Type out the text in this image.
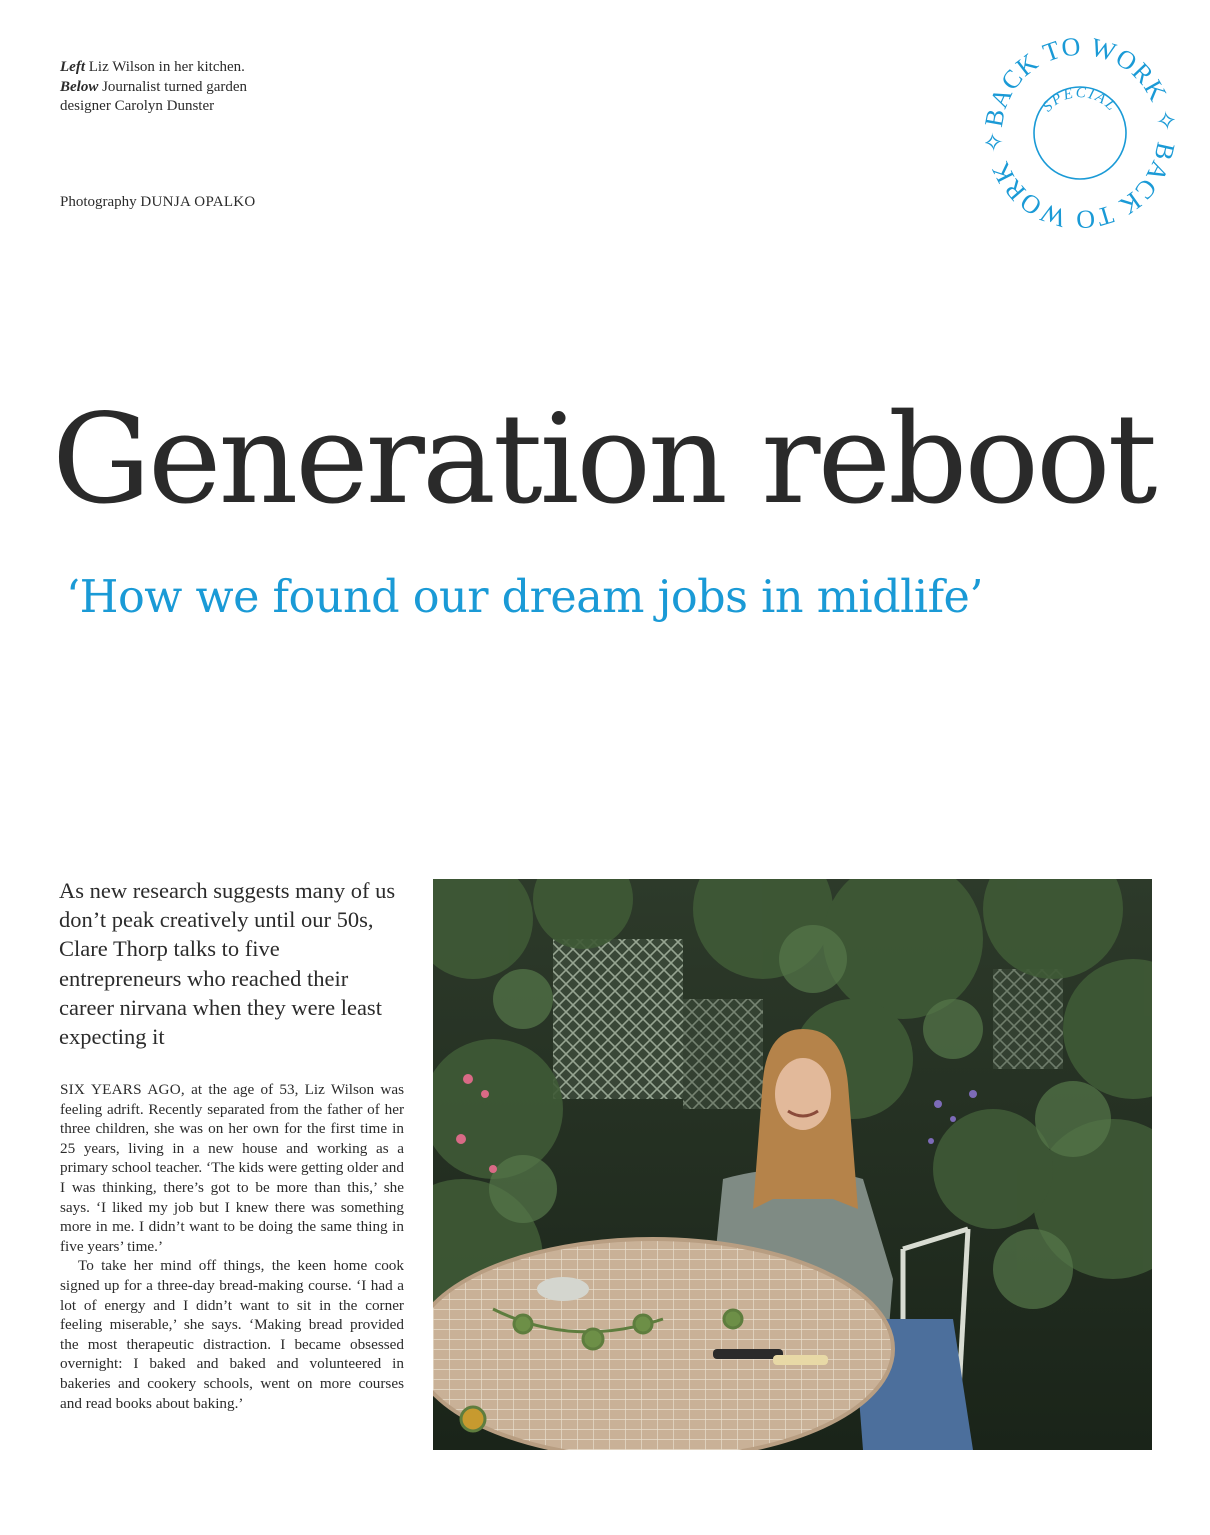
Left Liz Wilson in her kitchen. Below Journalist turned garden designer Carolyn Dunster
Photography DUNJA OPALKO
ACK TO WORK ACK TO WORK
SPECIAL
Generation reboot
‘How we found our dream jobs in midlife’

As new research suggests many of us don’t peak creatively until our 50s, Clare Thorp talks to five entrepreneurs who reached their career nirvana when they were least expecting it

SIX YEARS AGO, at the age of 53, Liz Wilson was feeling adrift. Recently separated from the father of her three children, she was on her own for the first time in 25 years, living in a new house and working as a primary school teacher. ‘The kids were getting older and I was thinking, there’s got to be more than this,’ she says. ‘I liked my job but I knew there was something more in me. I didn’t want to be doing the same thing in five years’ time.’

To take her mind off things, the keen home cook signed up for a three-day bread-making course. ‘I had a lot of energy and I didn’t want to sit in the corner feeling miserable,’ she says. ‘Making bread provided the most therapeutic distraction. I became obsessed overnight: I baked and baked and volunteered in bakeries and cookery schools, went on more courses and read books about baking.’
